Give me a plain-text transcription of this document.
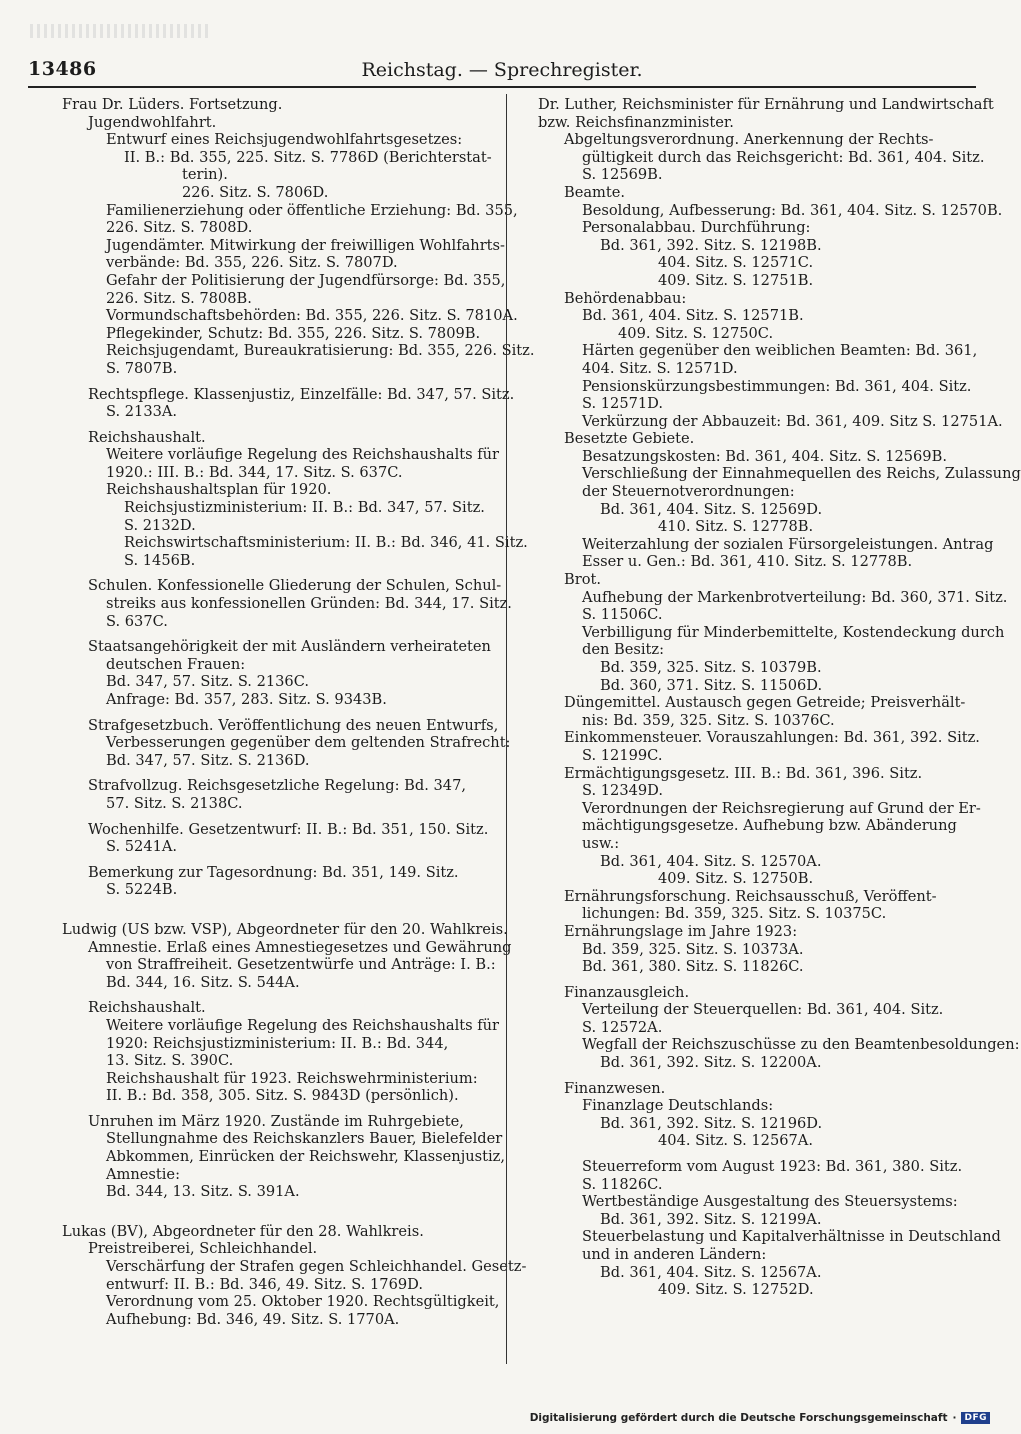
13486	Reichstag. — Sprechregister.
Frau Dr. Lüders. Fortsetzung.
Jugendwohlfahrt.
Entwurf eines Reichsjugendwohlfahrtsgesetzes:
II. B.: Bd. 355, 225. Sitz. S. 7786D (Berichterstat-
terin).
226. Sitz. S. 7806D.
Familienerziehung oder öffentliche Erziehung: Bd. 355,
226. Sitz. S. 7808D.
Jugendämter. Mitwirkung der freiwilligen Wohlfahrts-
verbände: Bd. 355, 226. Sitz. S. 7807D.
Gefahr der Politisierung der Jugendfürsorge: Bd. 355,
226. Sitz. S. 7808B.
Vormundschaftsbehörden: Bd. 355, 226. Sitz. S. 7810A.
Pflegekinder, Schutz: Bd. 355, 226. Sitz. S. 7809B.
Reichsjugendamt, Bureaukratisierung: Bd. 355, 226. Sitz.
S. 7807B.
Rechtspflege. Klassenjustiz, Einzelfälle: Bd. 347, 57. Sitz.
S. 2133A.
Reichshaushalt.
Weitere vorläufige Regelung des Reichshaushalts für
1920.: III. B.: Bd. 344, 17. Sitz. S. 637C.
Reichshaushaltsplan für 1920.
Reichsjustizministerium: II. B.: Bd. 347, 57. Sitz.
S. 2132D.
Reichswirtschaftsministerium: II. B.: Bd. 346, 41. Sitz.
S. 1456B.
Schulen. Konfessionelle Gliederung der Schulen, Schul-
streiks aus konfessionellen Gründen: Bd. 344, 17. Sitz.
S. 637C.
Staatsangehörigkeit der mit Ausländern verheirateten
deutschen Frauen:
Bd. 347, 57. Sitz. S. 2136C.
Anfrage: Bd. 357, 283. Sitz. S. 9343B.
Strafgesetzbuch. Veröffentlichung des neuen Entwurfs,
Verbesserungen gegenüber dem geltenden Strafrecht:
Bd. 347, 57. Sitz. S. 2136D.
Strafvollzug. Reichsgesetzliche Regelung: Bd. 347,
57. Sitz. S. 2138C.
Wochenhilfe. Gesetzentwurf: II. B.: Bd. 351, 150. Sitz.
S. 5241A.
Bemerkung zur Tagesordnung: Bd. 351, 149. Sitz.
S. 5224B.
Ludwig (US bzw. VSP), Abgeordneter für den 20. Wahlkreis.
Amnestie. Erlaß eines Amnestiegesetzes und Gewährung
von Straffreiheit. Gesetzentwürfe und Anträge: I. B.:
Bd. 344, 16. Sitz. S. 544A.
Reichshaushalt.
Weitere vorläufige Regelung des Reichshaushalts für
1920: Reichsjustizministerium: II. B.: Bd. 344,
13. Sitz. S. 390C.
Reichshaushalt für 1923. Reichswehrministerium:
II. B.: Bd. 358, 305. Sitz. S. 9843D (persönlich).
Unruhen im März 1920. Zustände im Ruhrgebiete,
Stellungnahme des Reichskanzlers Bauer, Bielefelder
Abkommen, Einrücken der Reichswehr, Klassenjustiz,
Amnestie:
Bd. 344, 13. Sitz. S. 391A.
Lukas (BV), Abgeordneter für den 28. Wahlkreis.
Preistreiberei, Schleichhandel.
Verschärfung der Strafen gegen Schleichhandel. Gesetz-
entwurf: II. B.: Bd. 346, 49. Sitz. S. 1769D.
Verordnung vom 25. Oktober 1920. Rechtsgültigkeit,
Aufhebung: Bd. 346, 49. Sitz. S. 1770A.
Dr. Luther, Reichsminister für Ernährung und Landwirtschaft
bzw. Reichsfinanzminister.
Abgeltungsverordnung. Anerkennung der Rechts-
gültigkeit durch das Reichsgericht: Bd. 361, 404. Sitz.
S. 12569B.
Beamte.
Besoldung, Aufbesserung: Bd. 361, 404. Sitz. S. 12570B.
Personalabbau. Durchführung:
Bd. 361, 392. Sitz. S. 12198B.
404. Sitz. S. 12571C.
409. Sitz. S. 12751B.
Behördenabbau:
Bd. 361, 404. Sitz. S. 12571B.
409. Sitz. S. 12750C.
Härten gegenüber den weiblichen Beamten: Bd. 361,
404. Sitz. S. 12571D.
Pensionskürzungsbestimmungen: Bd. 361, 404. Sitz.
S. 12571D.
Verkürzung der Abbauzeit: Bd. 361, 409. Sitz S. 12751A.
Besetzte Gebiete.
Besatzungskosten: Bd. 361, 404. Sitz. S. 12569B.
Verschließung der Einnahmequellen des Reichs, Zulassung
der Steuernotverordnungen:
Bd. 361, 404. Sitz. S. 12569D.
410. Sitz. S. 12778B.
Weiterzahlung der sozialen Fürsorgeleistungen. Antrag
Esser u. Gen.: Bd. 361, 410. Sitz. S. 12778B.
Brot.
Aufhebung der Markenbrotverteilung: Bd. 360, 371. Sitz.
S. 11506C.
Verbilligung für Minderbemittelte, Kostendeckung durch
den Besitz:
Bd. 359, 325. Sitz. S. 10379B.
Bd. 360, 371. Sitz. S. 11506D.
Düngemittel. Austausch gegen Getreide; Preisverhält-
nis: Bd. 359, 325. Sitz. S. 10376C.
Einkommensteuer. Vorauszahlungen: Bd. 361, 392. Sitz.
S. 12199C.
Ermächtigungsgesetz. III. B.: Bd. 361, 396. Sitz.
S. 12349D.
Verordnungen der Reichsregierung auf Grund der Er-
mächtigungsgesetze. Aufhebung bzw. Abänderung
usw.:
Bd. 361, 404. Sitz. S. 12570A.
409. Sitz. S. 12750B.
Ernährungsforschung. Reichsausschuß, Veröffent-
lichungen: Bd. 359, 325. Sitz. S. 10375C.
Ernährungslage im Jahre 1923:
Bd. 359, 325. Sitz. S. 10373A.
Bd. 361, 380. Sitz. S. 11826C.
Finanzausgleich.
Verteilung der Steuerquellen: Bd. 361, 404. Sitz.
S. 12572A.
Wegfall der Reichszuschüsse zu den Beamtenbesoldungen:
Bd. 361, 392. Sitz. S. 12200A.
Finanzwesen.
Finanzlage Deutschlands:
Bd. 361, 392. Sitz. S. 12196D.
404. Sitz. S. 12567A.
Steuerreform vom August 1923: Bd. 361, 380. Sitz.
S. 11826C.
Wertbeständige Ausgestaltung des Steuersystems:
Bd. 361, 392. Sitz. S. 12199A.
Steuerbelastung und Kapitalverhältnisse in Deutschland
und in anderen Ländern:
Bd. 361, 404. Sitz. S. 12567A.
409. Sitz. S. 12752D.
Digitalisierung gefördert durch die Deutsche Forschungsgemeinschaft · DFG
